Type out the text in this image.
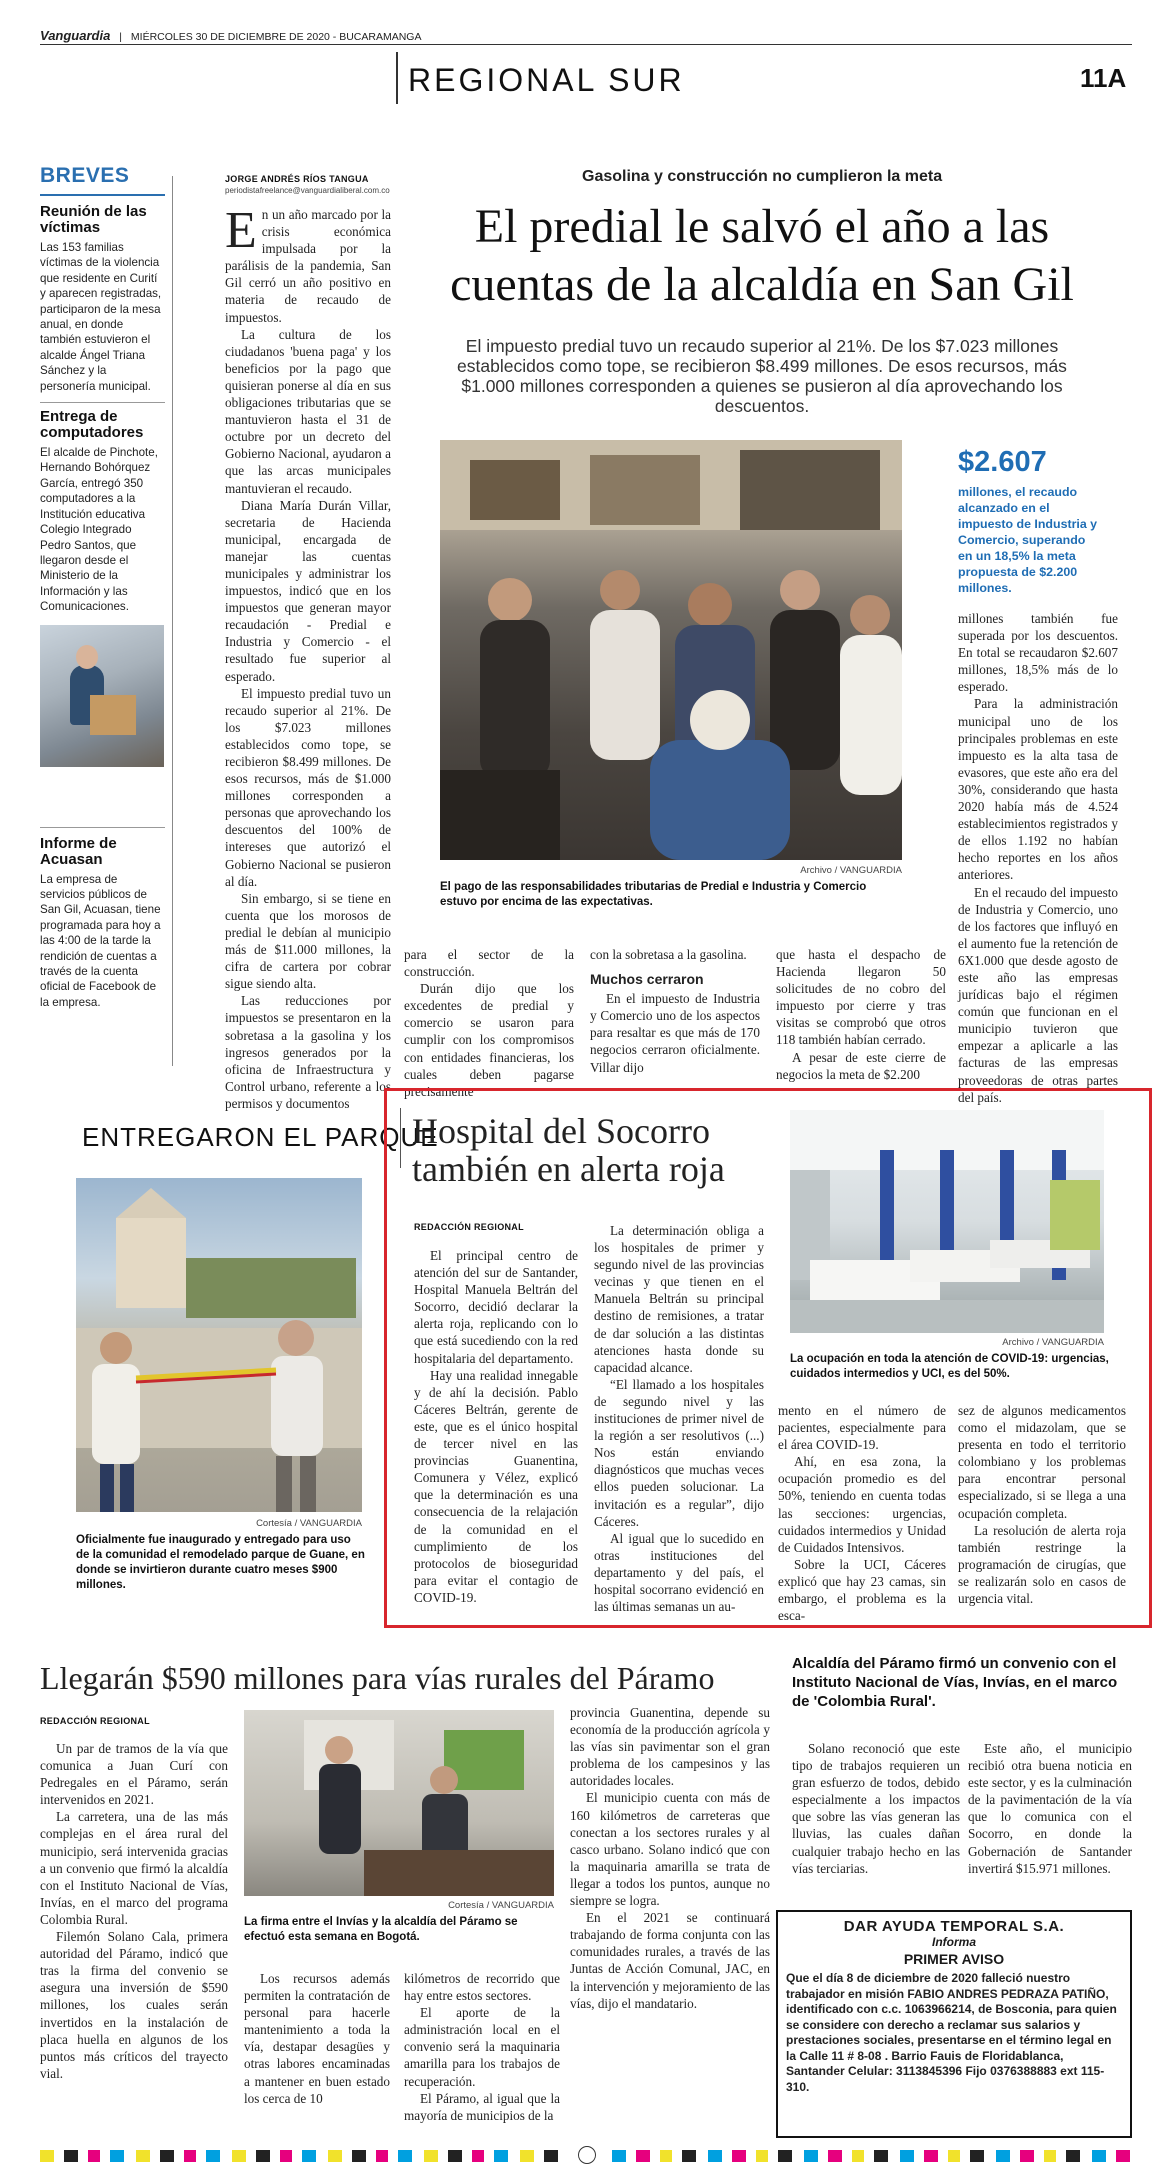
Vanguardia | MIÉRCOLES 30 DE DICIEMBRE DE 2020 - BUCARAMANGA
REGIONAL SUR	11A
BREVES
Reunión de las víctimas
Las 153 familias víctimas de la violencia que residente en Curití y aparecen registradas, participaron de la mesa anual, en donde también estuvieron el alcalde Ángel Triana Sánchez y la personería municipal.
Entrega de computadores
El alcalde de Pinchote, Hernando Bohórquez García, entregó 350 computadores a la Institución educativa Colegio Integrado Pedro Santos, que llegaron desde el Ministerio de la Información y las Comunicaciones.
Informe de Acuasan
La empresa de servicios públicos de San Gil, Acuasan, tiene programada para hoy a las 4:00 de la tarde la rendición de cuentas a través de la cuenta oficial de Facebook de la empresa.
JORGE ANDRÉS RÍOS TANGUA
periodistafreelance@vanguardialiberal.com.co
Gasolina y construcción no cumplieron la meta
El predial le salvó el año a las cuentas de la alcaldía en San Gil
El impuesto predial tuvo un recaudo superior al 21%. De los $7.023 millones establecidos como tope, se recibieron $8.499 millones. De esos recursos, más $1.000 millones corresponden a quienes se pusieron al día aprovechando los descuentos.
E n un año marcado por la crisis económica impulsada por la parálisis de la pandemia, San Gil cerró un año positivo en materia de recaudo de impuestos.

La cultura de los ciudadanos 'buena paga' y los beneficios por la pago que quisieran ponerse al día en sus obligaciones tributarias que se mantuvieron hasta el 31 de octubre por un decreto del Gobierno Nacional, ayudaron a que las arcas municipales mantuvieran el recaudo.

Diana María Durán Villar, secretaria de Hacienda municipal, encargada de manejar las cuentas municipales y administrar los impuestos, indicó que en los impuestos que generan mayor recaudación - Predial e Industria y Comercio - el resultado fue superior al esperado.

El impuesto predial tuvo un recaudo superior al 21%. De los $7.023 millones establecidos como tope, se recibieron $8.499 millones. De esos recursos, más de $1.000 millones corresponden a personas que aprovechando los descuentos del 100% de intereses que autorizó el Gobierno Nacional se pusieron al día.

Sin embargo, si se tiene en cuenta que los morosos de predial le debían al municipio más de $11.000 millones, la cifra de cartera por cobrar sigue siendo alta.

Las reducciones por impuestos se presentaron en la sobretasa a la gasolina y los ingresos generados por la oficina de Infraestructura y Control urbano, referente a los permisos y documentos

Archivo / VANGUARDIA
El pago de las responsabilidades tributarias de Predial e Industria y Comercio estuvo por encima de las expectativas.
$2.607
millones, el recaudo alcanzado en el impuesto de Industria y Comercio, superando en un 18,5% la meta propuesta de $2.200 millones.

millones también fue superada por los descuentos. En total se recaudaron $2.607 millones, 18,5% más de lo esperado.

Para la administración municipal uno de los principales problemas en este impuesto es la alta tasa de evasores, que este año era del 30%, considerando que hasta 2020 había más de 4.524 establecimientos registrados y de ellos 1.192 no habían hecho reportes en los años anteriores.

En el recaudo del impuesto de Industria y Comercio, uno de los factores que influyó en el aumento fue la retención de 6X1.000 que desde agosto de este año las empresas jurídicas bajo el régimen común que funcionan en el municipio tuvieron que empezar a aplicarle a las facturas de las empresas proveedoras de otras partes del país.

para el sector de la construcción.

Durán dijo que los excedentes de predial y comercio se usaron para cumplir con los compromisos con entidades financieras, los cuales deben pagarse precisamente

con la sobretasa a la gasolina.

Muchos cerraron

En el impuesto de Industria y Comercio uno de los aspectos para resaltar es que más de 170 negocios cerraron oficialmente. Villar dijo

que hasta el despacho de Hacienda llegaron 50 solicitudes de no cobro del impuesto por cierre y tras visitas se comprobó que otros 118 también habían cerrado.

A pesar de este cierre de negocios la meta de $2.200

ENTREGARON EL PARQUE
Cortesía / VANGUARDIA
Oficialmente fue inaugurado y entregado para uso de la comunidad el remodelado parque de Guane, en donde se invirtieron durante cuatro meses $900 millones.
Hospital del Socorro también en alerta roja
REDACCIÓN REGIONAL
Archivo / VANGUARDIA
La ocupación en toda la atención de COVID-19: urgencias, cuidados intermedios y UCI, es del 50%.

El principal centro de atención del sur de Santander, Hospital Manuela Beltrán del Socorro, decidió declarar la alerta roja, replicando con lo que está sucediendo con la red hospitalaria del departamento.

Hay una realidad innegable y de ahí la decisión. Pablo Cáceres Beltrán, gerente de este, que es el único hospital de tercer nivel en las provincias Guanentina, Comunera y Vélez, explicó que la determinación es una consecuencia de la relajación de la comunidad en el cumplimiento de los protocolos de bioseguridad para evitar el contagio de COVID-19.

La determinación obliga a los hospitales de primer y segundo nivel de las provincias vecinas y que tienen en el Manuela Beltrán su principal destino de remisiones, a tratar de dar solución a las distintas atenciones hasta donde su capacidad alcance.

“El llamado a los hospitales de segundo nivel y las instituciones de primer nivel de la región a ser resolutivos (...) Nos están enviando diagnósticos que muchas veces ellos pueden solucionar. La invitación es a regular”, dijo Cáceres.

Al igual que lo sucedido en otras instituciones del departamento y del país, el hospital socorrano evidenció en las últimas semanas un au-

mento en el número de pacientes, especialmente para el área COVID-19.

Ahí, en esa zona, la ocupación promedio es del 50%, teniendo en cuenta todas las secciones: urgencias, cuidados intermedios y Unidad de Cuidados Intensivos.

Sobre la UCI, Cáceres explicó que hay 23 camas, sin embargo, el problema es la esca-

sez de algunos medicamentos como el midazolam, que se presenta en todo el territorio colombiano y los problemas para encontrar personal especializado, si se llega a una ocupación completa.

La resolución de alerta roja también restringe la programación de cirugías, que se realizarán solo en casos de urgencia vital.

Llegarán $590 millones para vías rurales del Páramo	Alcaldía del Páramo firmó un convenio con el Instituto Nacional de Vías, Invías, en el marco de 'Colombia Rural'.
REDACCIÓN REGIONAL

Un par de tramos de la vía que comunica a Juan Curí con Pedregales en el Páramo, serán intervenidos en 2021.

La carretera, una de las más complejas en el área rural del municipio, será intervenida gracias a un convenio que firmó la alcaldía con el Instituto Nacional de Vías, Invías, en el marco del programa Colombia Rural.

Filemón Solano Cala, primera autoridad del Páramo, indicó que tras la firma del convenio se asegura una inversión de $590 millones, los cuales serán invertidos en la instalación de placa huella en algunos de los puntos más críticos del trayecto vial.

Cortesía / VANGUARDIA
La firma entre el Invías y la alcaldía del Páramo se efectuó esta semana en Bogotá.

Los recursos además permiten la contratación de personal para hacerle mantenimiento a toda la vía, destapar desagües y otras labores encaminadas a mantener en buen estado los cerca de 10

kilómetros de recorrido que hay entre estos sectores.

El aporte de la administración local en el convenio será la maquinaria amarilla para los trabajos de recuperación.

El Páramo, al igual que la mayoría de municipios de la

provincia Guanentina, depende su economía de la producción agrícola y las vías sin pavimentar son el gran problema de los campesinos y las autoridades locales.

El municipio cuenta con más de 160 kilómetros de carreteras que conectan a los sectores rurales y al casco urbano. Solano indicó que con la maquinaria amarilla se trata de llegar a todos los puntos, aunque no siempre se logra.

En el 2021 se continuará trabajando de forma conjunta con las comunidades rurales, a través de las Juntas de Acción Comunal, JAC, en la intervención y mejoramiento de las vías, dijo el mandatario.

Solano reconoció que este tipo de trabajos requieren un gran esfuerzo de todos, debido especialmente a los impactos que sobre las vías generan las lluvias, las cuales dañan cualquier trabajo hecho en las vías terciarias.

Este año, el municipio recibió otra buena noticia en este sector, y es la culminación de la pavimentación de la vía que lo comunica con el Socorro, en donde la Gobernación de Santander invertirá $15.971 millones.

DAR AYUDA TEMPORAL S.A.
Informa
PRIMER AVISO
Que el día 8 de diciembre de 2020 falleció nuestro trabajador en misión FABIO ANDRES PEDRAZA PATIÑO, identificado con c.c. 1063966214, de Bosconia, para quien se considere con derecho a reclamar sus salarios y prestaciones sociales, presentarse en el término legal en la Calle 11 # 8-08 . Barrio Fauis de Floridablanca, Santander Celular: 3113845396 Fijo 0376388883 ext 115-310.
